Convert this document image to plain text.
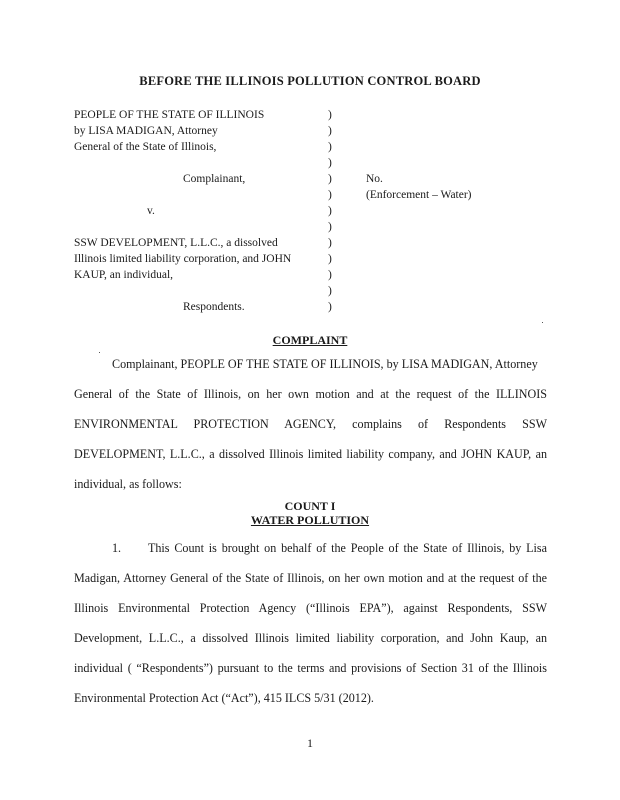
BEFORE THE ILLINOIS POLLUTION CONTROL BOARD
PEOPLE OF THE STATE OF ILLINOIS
by LISA MADIGAN, Attorney
General of the State of Illinois,
Complainant,
v.
SSW DEVELOPMENT, L.L.C., a dissolved
Illinois limited liability corporation, and JOHN
KAUP, an individual,
Respondents.
No.
(Enforcement – Water)
)
)
)
)
)
)
)
)
)
)
)
)
)
COMPLAINT
Complainant, PEOPLE OF THE STATE OF ILLINOIS, by LISA MADIGAN, Attorney
General of the State of Illinois, on her own motion and at the request of the ILLINOIS
ENVIRONMENTAL PROTECTION AGENCY, complains of Respondents SSW
DEVELOPMENT, L.L.C., a dissolved Illinois limited liability company, and JOHN KAUP, an
individual, as follows:
COUNT I
WATER POLLUTION
1. This Count is brought on behalf of the People of the State of Illinois, by Lisa
Madigan, Attorney General of the State of Illinois, on her own motion and at the request of the
Illinois Environmental Protection Agency (“Illinois EPA”), against Respondents, SSW
Development, L.L.C., a dissolved Illinois limited liability corporation, and John Kaup, an
individual ( “Respondents”) pursuant to the terms and provisions of Section 31 of the Illinois
Environmental Protection Act (“Act”), 415 ILCS 5/31 (2012).
1
